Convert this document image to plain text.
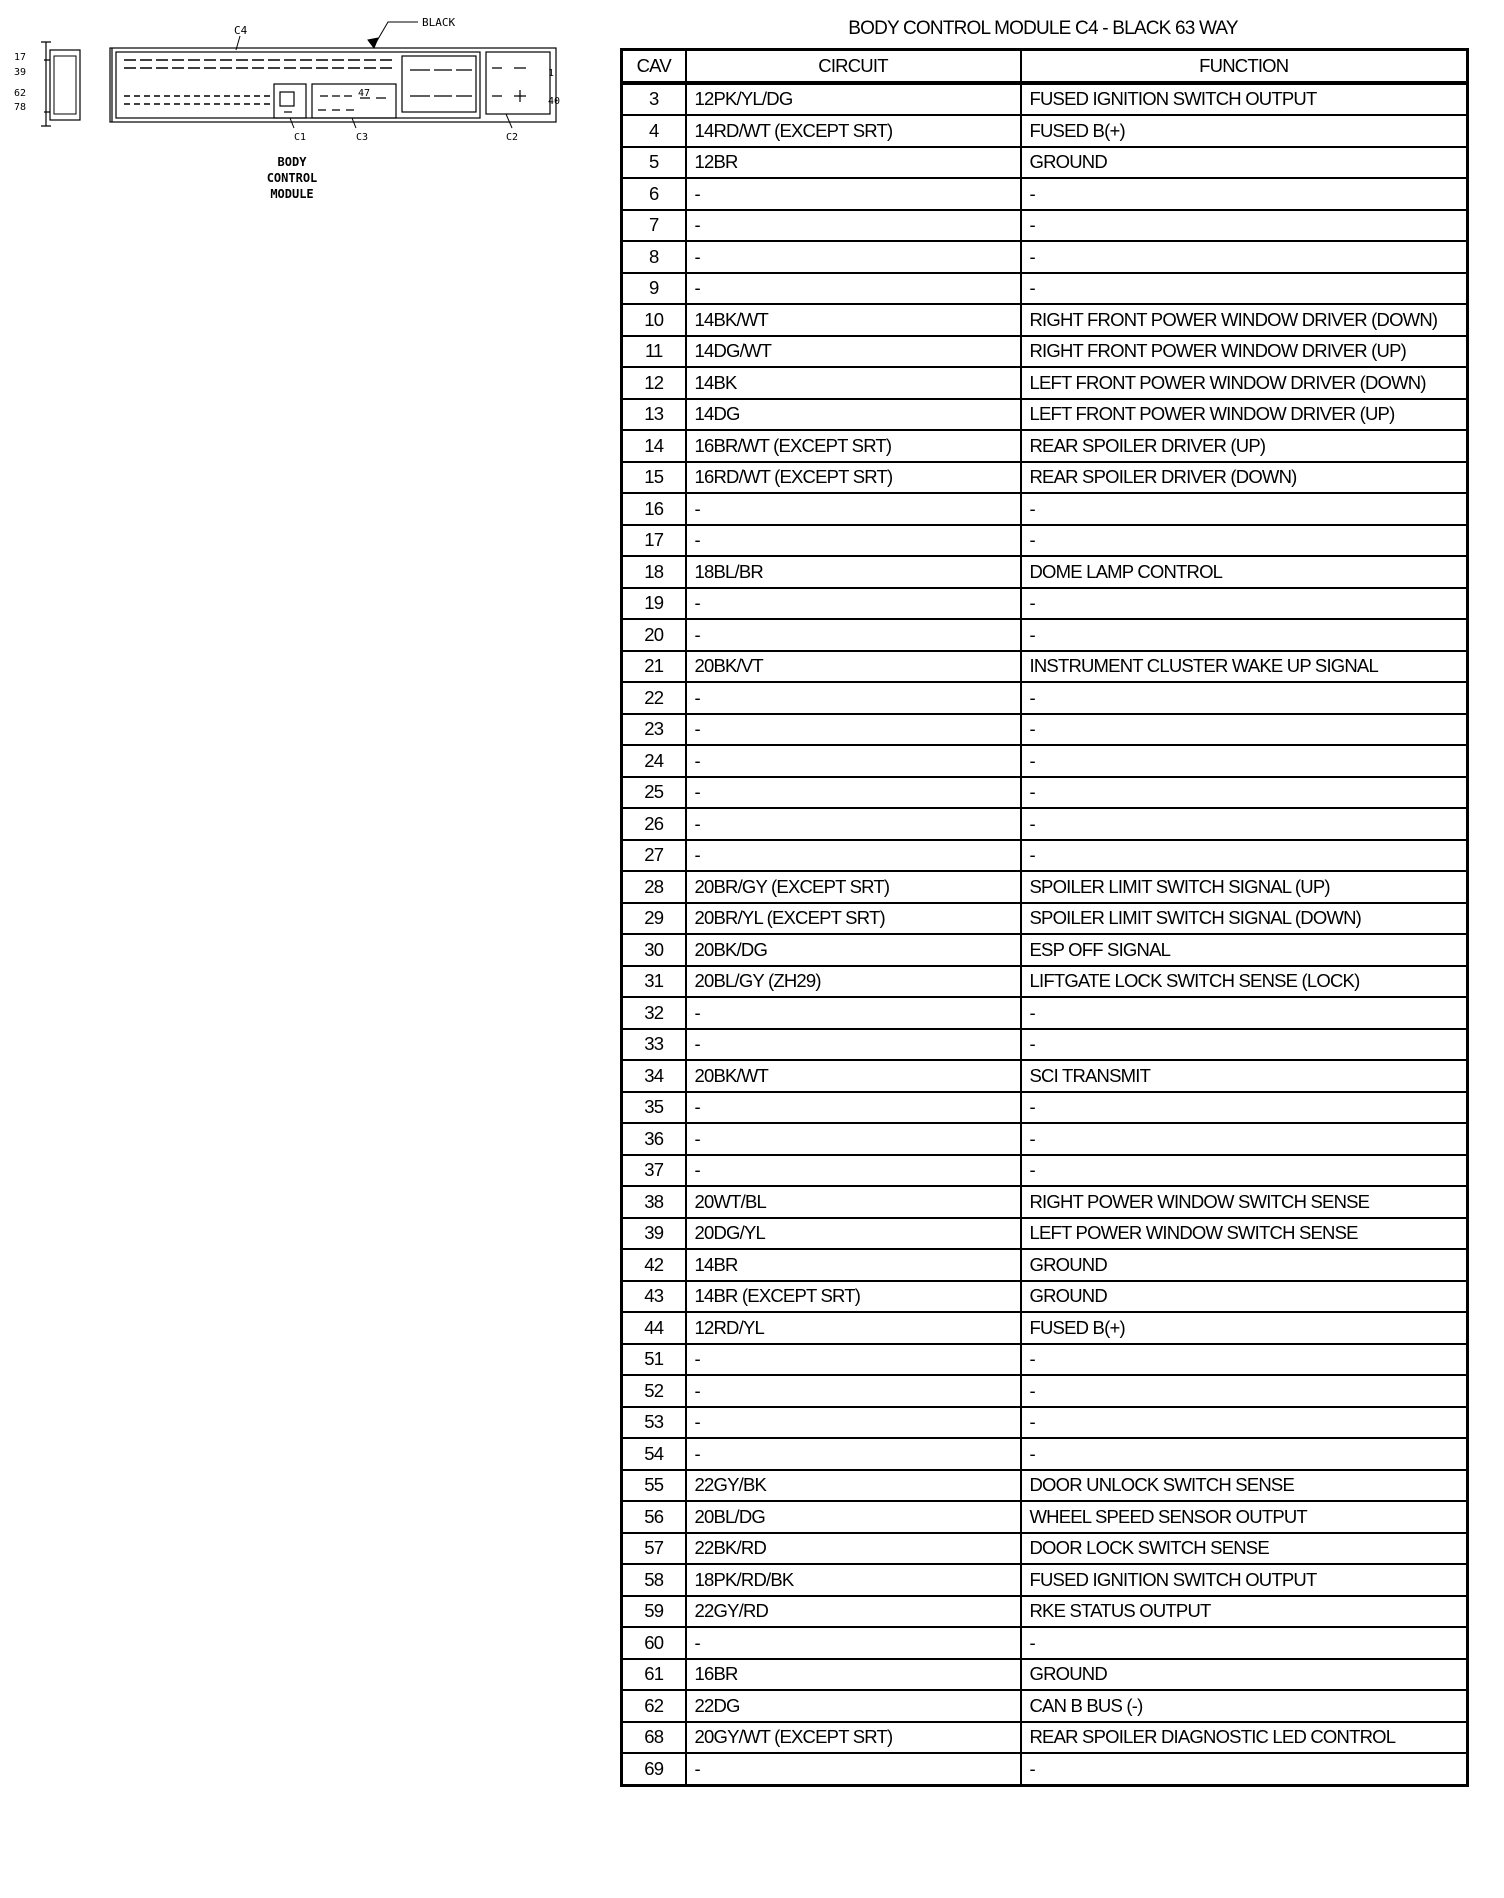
C4
BLACK
17
39
62
78
1
40
47
C1	C3	C2
BODY
CONTROL
MODULE
BODY CONTROL MODULE C4 - BLACK 63 WAY
CAV	CIRCUIT	FUNCTION
3	12PK/YL/DG	FUSED IGNITION SWITCH OUTPUT
4	14RD/WT (EXCEPT SRT)	FUSED B(+)
5	12BR	GROUND
6	-	-
7	-	-
8	-	-
9	-	-
10	14BK/WT	RIGHT FRONT POWER WINDOW DRIVER (DOWN)
11	14DG/WT	RIGHT FRONT POWER WINDOW DRIVER (UP)
12	14BK	LEFT FRONT POWER WINDOW DRIVER (DOWN)
13	14DG	LEFT FRONT POWER WINDOW DRIVER (UP)
14	16BR/WT (EXCEPT SRT)	REAR SPOILER DRIVER (UP)
15	16RD/WT (EXCEPT SRT)	REAR SPOILER DRIVER (DOWN)
16	-	-
17	-	-
18	18BL/BR	DOME LAMP CONTROL
19	-	-
20	-	-
21	20BK/VT	INSTRUMENT CLUSTER WAKE UP SIGNAL
22	-	-
23	-	-
24	-	-
25	-	-
26	-	-
27	-	-
28	20BR/GY (EXCEPT SRT)	SPOILER LIMIT SWITCH SIGNAL (UP)
29	20BR/YL (EXCEPT SRT)	SPOILER LIMIT SWITCH SIGNAL (DOWN)
30	20BK/DG	ESP OFF SIGNAL
31	20BL/GY (ZH29)	LIFTGATE LOCK SWITCH SENSE (LOCK)
32	-	-
33	-	-
34	20BK/WT	SCI TRANSMIT
35	-	-
36	-	-
37	-	-
38	20WT/BL	RIGHT POWER WINDOW SWITCH SENSE
39	20DG/YL	LEFT POWER WINDOW SWITCH SENSE
42	14BR	GROUND
43	14BR (EXCEPT SRT)	GROUND
44	12RD/YL	FUSED B(+)
51	-	-
52	-	-
53	-	-
54	-	-
55	22GY/BK	DOOR UNLOCK SWITCH SENSE
56	20BL/DG	WHEEL SPEED SENSOR OUTPUT
57	22BK/RD	DOOR LOCK SWITCH SENSE
58	18PK/RD/BK	FUSED IGNITION SWITCH OUTPUT
59	22GY/RD	RKE STATUS OUTPUT
60	-	-
61	16BR	GROUND
62	22DG	CAN B BUS (-)
68	20GY/WT (EXCEPT SRT)	REAR SPOILER DIAGNOSTIC LED CONTROL
69	-	-
